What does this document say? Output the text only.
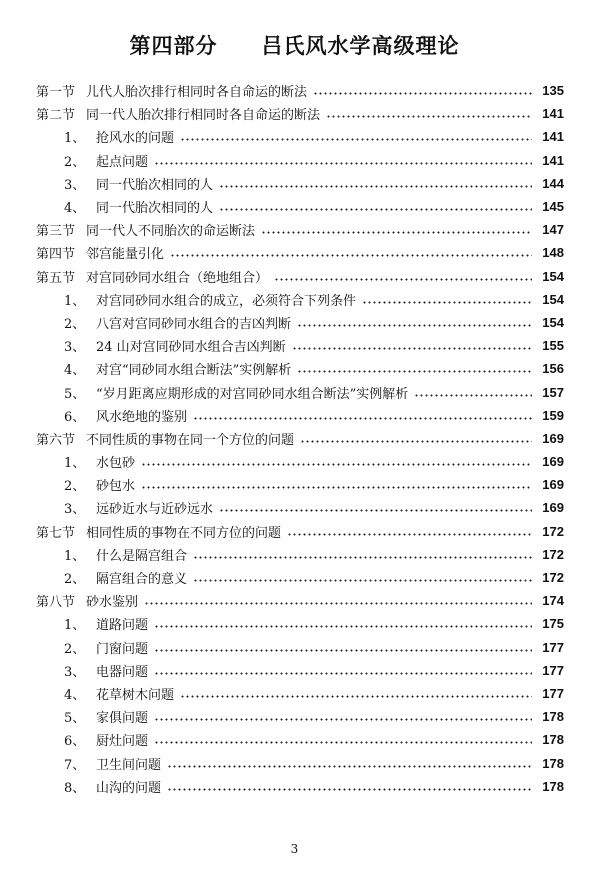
第四部分 吕氏风水学高级理论
第一节 儿代人胎次排行相同时各自命运的断法	135
第二节 同一代人胎次排行相同时各自命运的断法	141
1、 抢风水的问题	141
2、 起点问题	141
3、 同一代胎次相同的人	144
4、 同一代胎次相同的人	145
第三节 同一代人不同胎次的命运断法	147
第四节 邻宫能量引化	148
第五节 对宫同砂同水组合（绝地组合）	154
1、 对宫同砂同水组合的成立，必须符合下列条件	154
2、 八宫对宫同砂同水组合的吉凶判断	154
3、 24 山对宫同砂同水组合吉凶判断	155
4、 对宫“同砂同水组合断法”实例解析	156
5、 “岁月距离应期形成的对宫同砂同水组合断法”实例解析	157
6、 风水绝地的鉴别	159
第六节 不同性质的事物在同一个方位的问题	169
1、 水包砂	169
2、 砂包水	169
3、 远砂近水与近砂远水	169
第七节 相同性质的事物在不同方位的问题	172
1、 什么是隔宫组合	172
2、 隔宫组合的意义	172
第八节 砂水鉴别	174
1、 道路问题	175
2、 门窗问题	177
3、 电器问题	177
4、 花草树木问题	177
5、 家俱问题	178
6、 厨灶问题	178
7、 卫生间问题	178
8、 山沟的问题	178
3
